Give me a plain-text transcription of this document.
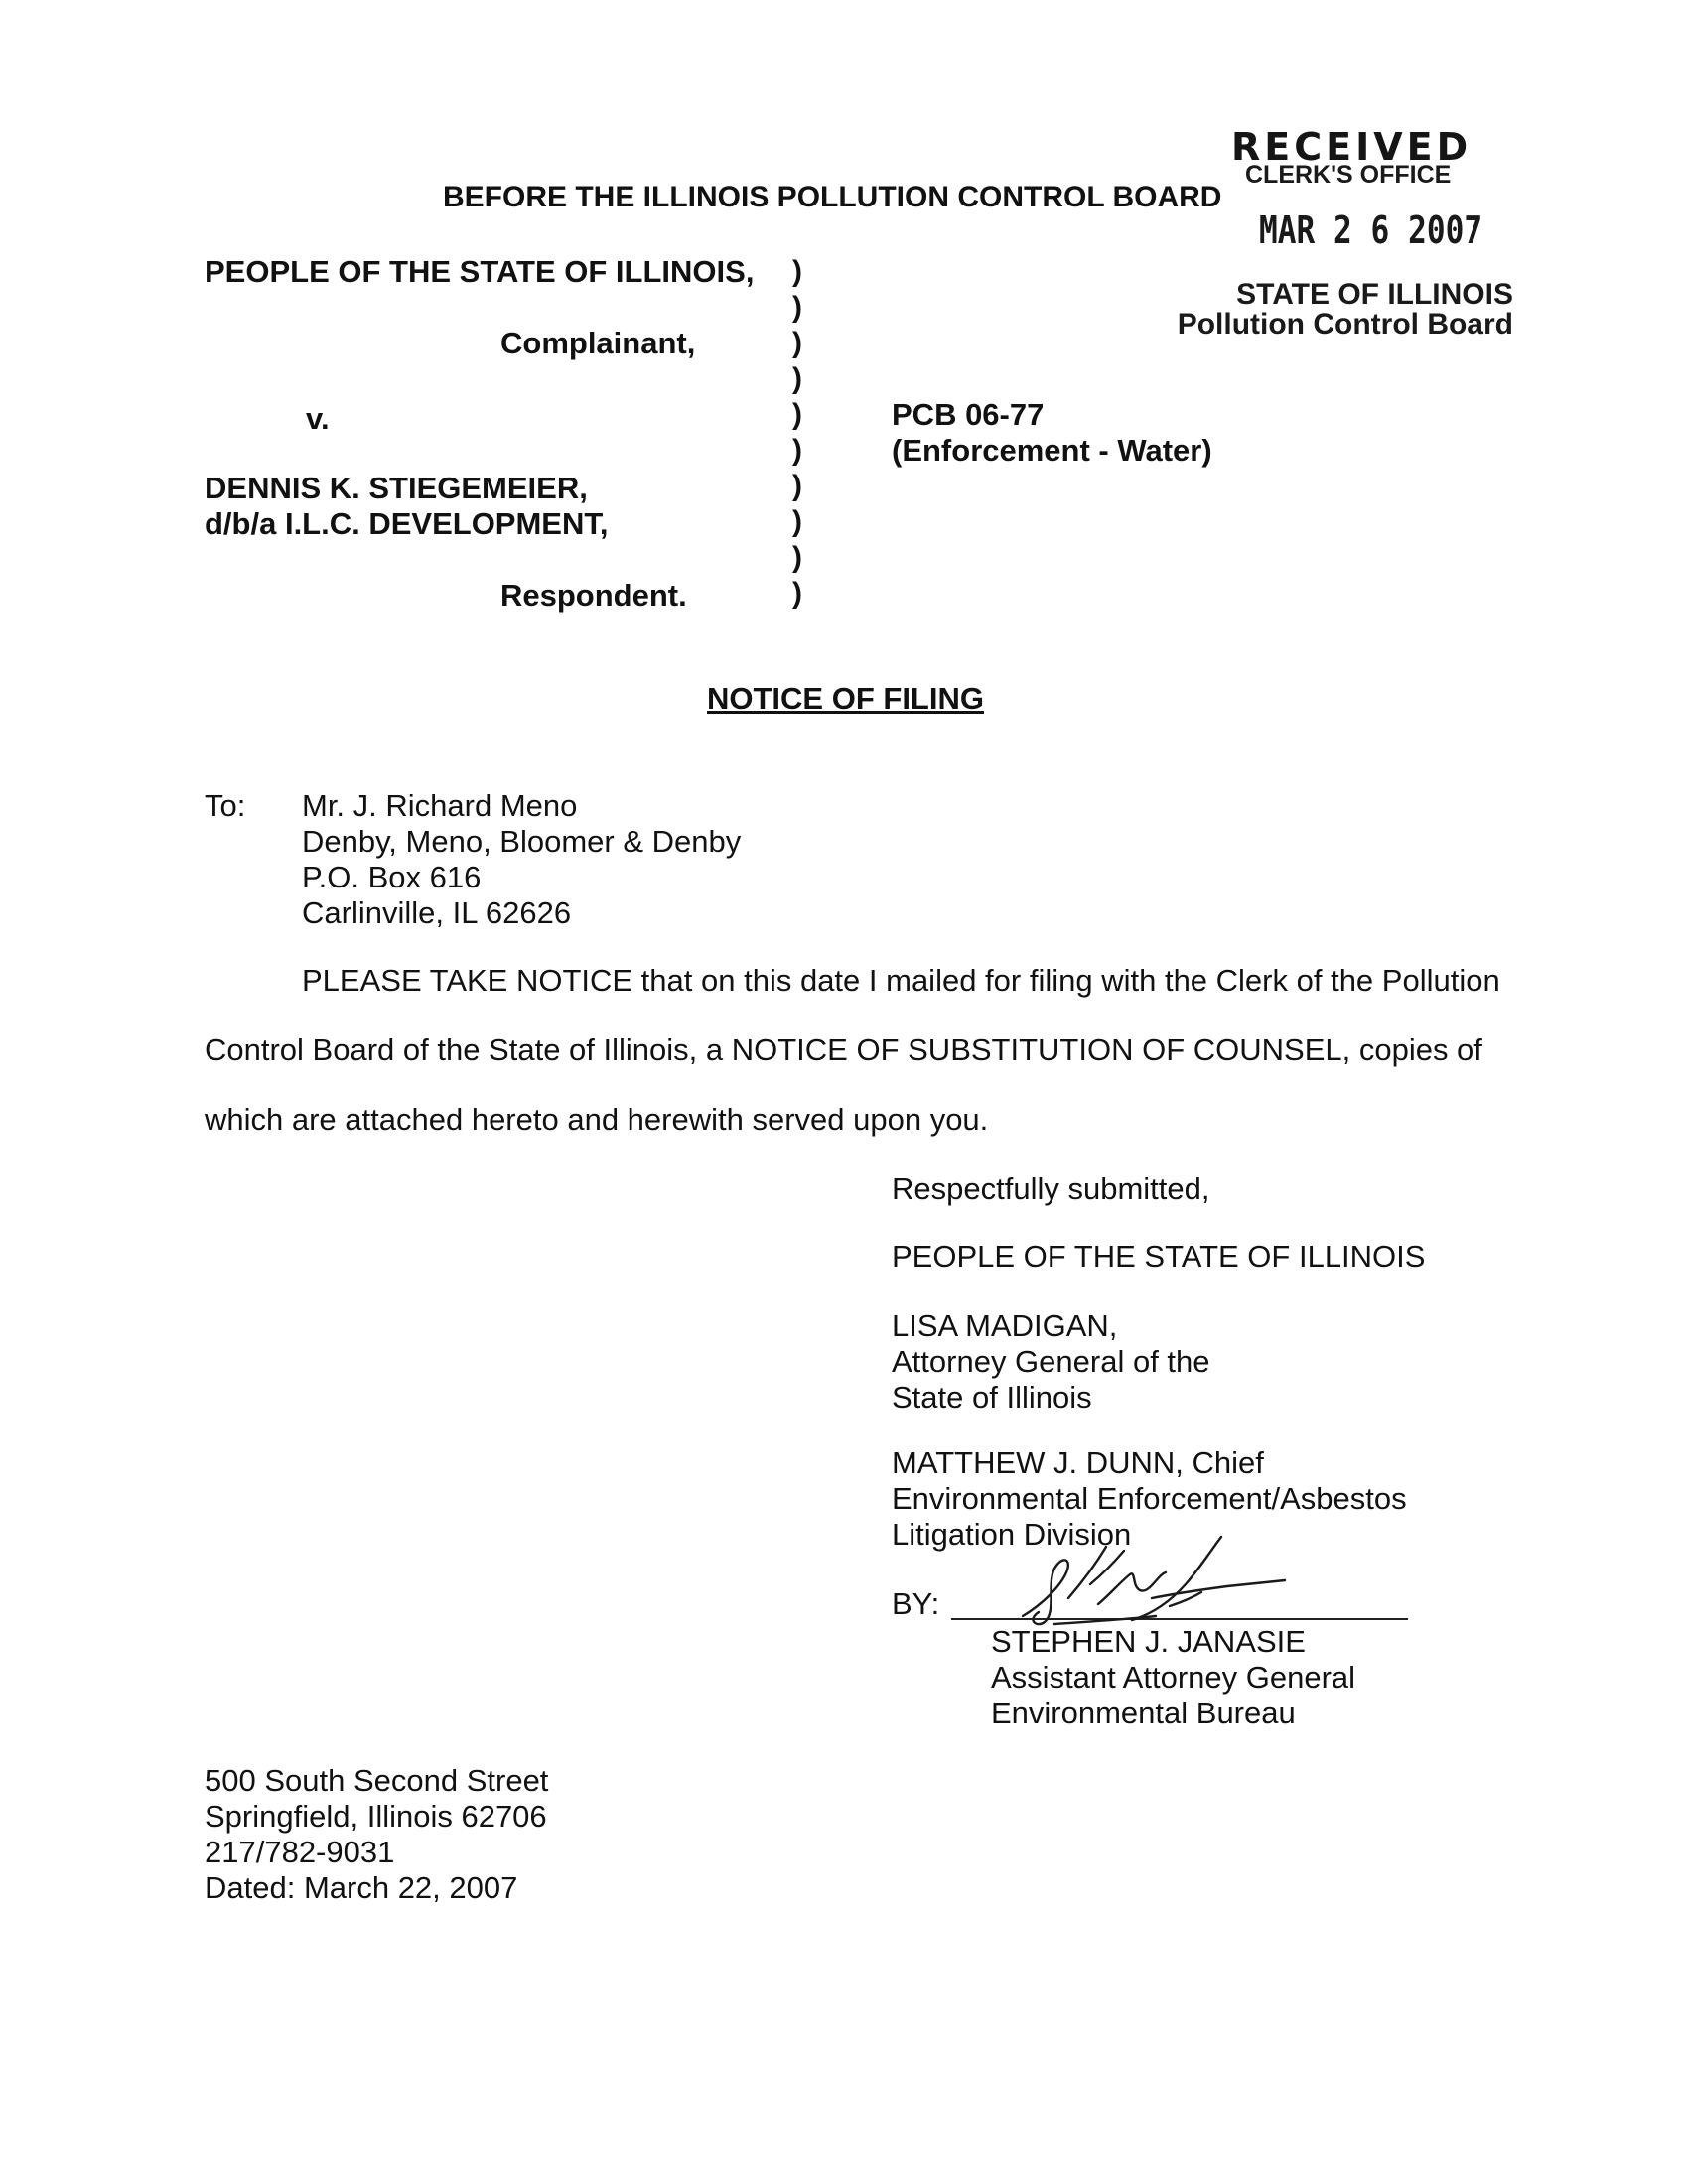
RECEIVED
CLERK'S OFFICE
MAR 2 6 2007
STATE OF ILLINOIS
Pollution Control Board
BEFORE THE ILLINOIS POLLUTION CONTROL BOARD
PEOPLE OF THE STATE OF ILLINOIS,
Complainant,
v.
DENNIS K. STIEGEMEIER,
d/b/a I.L.C. DEVELOPMENT,
Respondent.
)
)
)
)
)
)
)
)
)
)
PCB 06-77
(Enforcement - Water)
NOTICE OF FILING
To: Mr. J. Richard Meno
Denby, Meno, Bloomer & Denby
P.O. Box 616
Carlinville, IL 62626
PLEASE TAKE NOTICE that on this date I mailed for filing with the Clerk of the Pollution
Control Board of the State of Illinois, a NOTICE OF SUBSTITUTION OF COUNSEL, copies of
which are attached hereto and herewith served upon you.
Respectfully submitted,
PEOPLE OF THE STATE OF ILLINOIS
LISA MADIGAN,
Attorney General of the
State of Illinois
MATTHEW J. DUNN, Chief
Environmental Enforcement/Asbestos
Litigation Division
BY:
STEPHEN J. JANASIE
Assistant Attorney General
Environmental Bureau
500 South Second Street
Springfield, Illinois 62706
217/782-9031
Dated: March 22, 2007
